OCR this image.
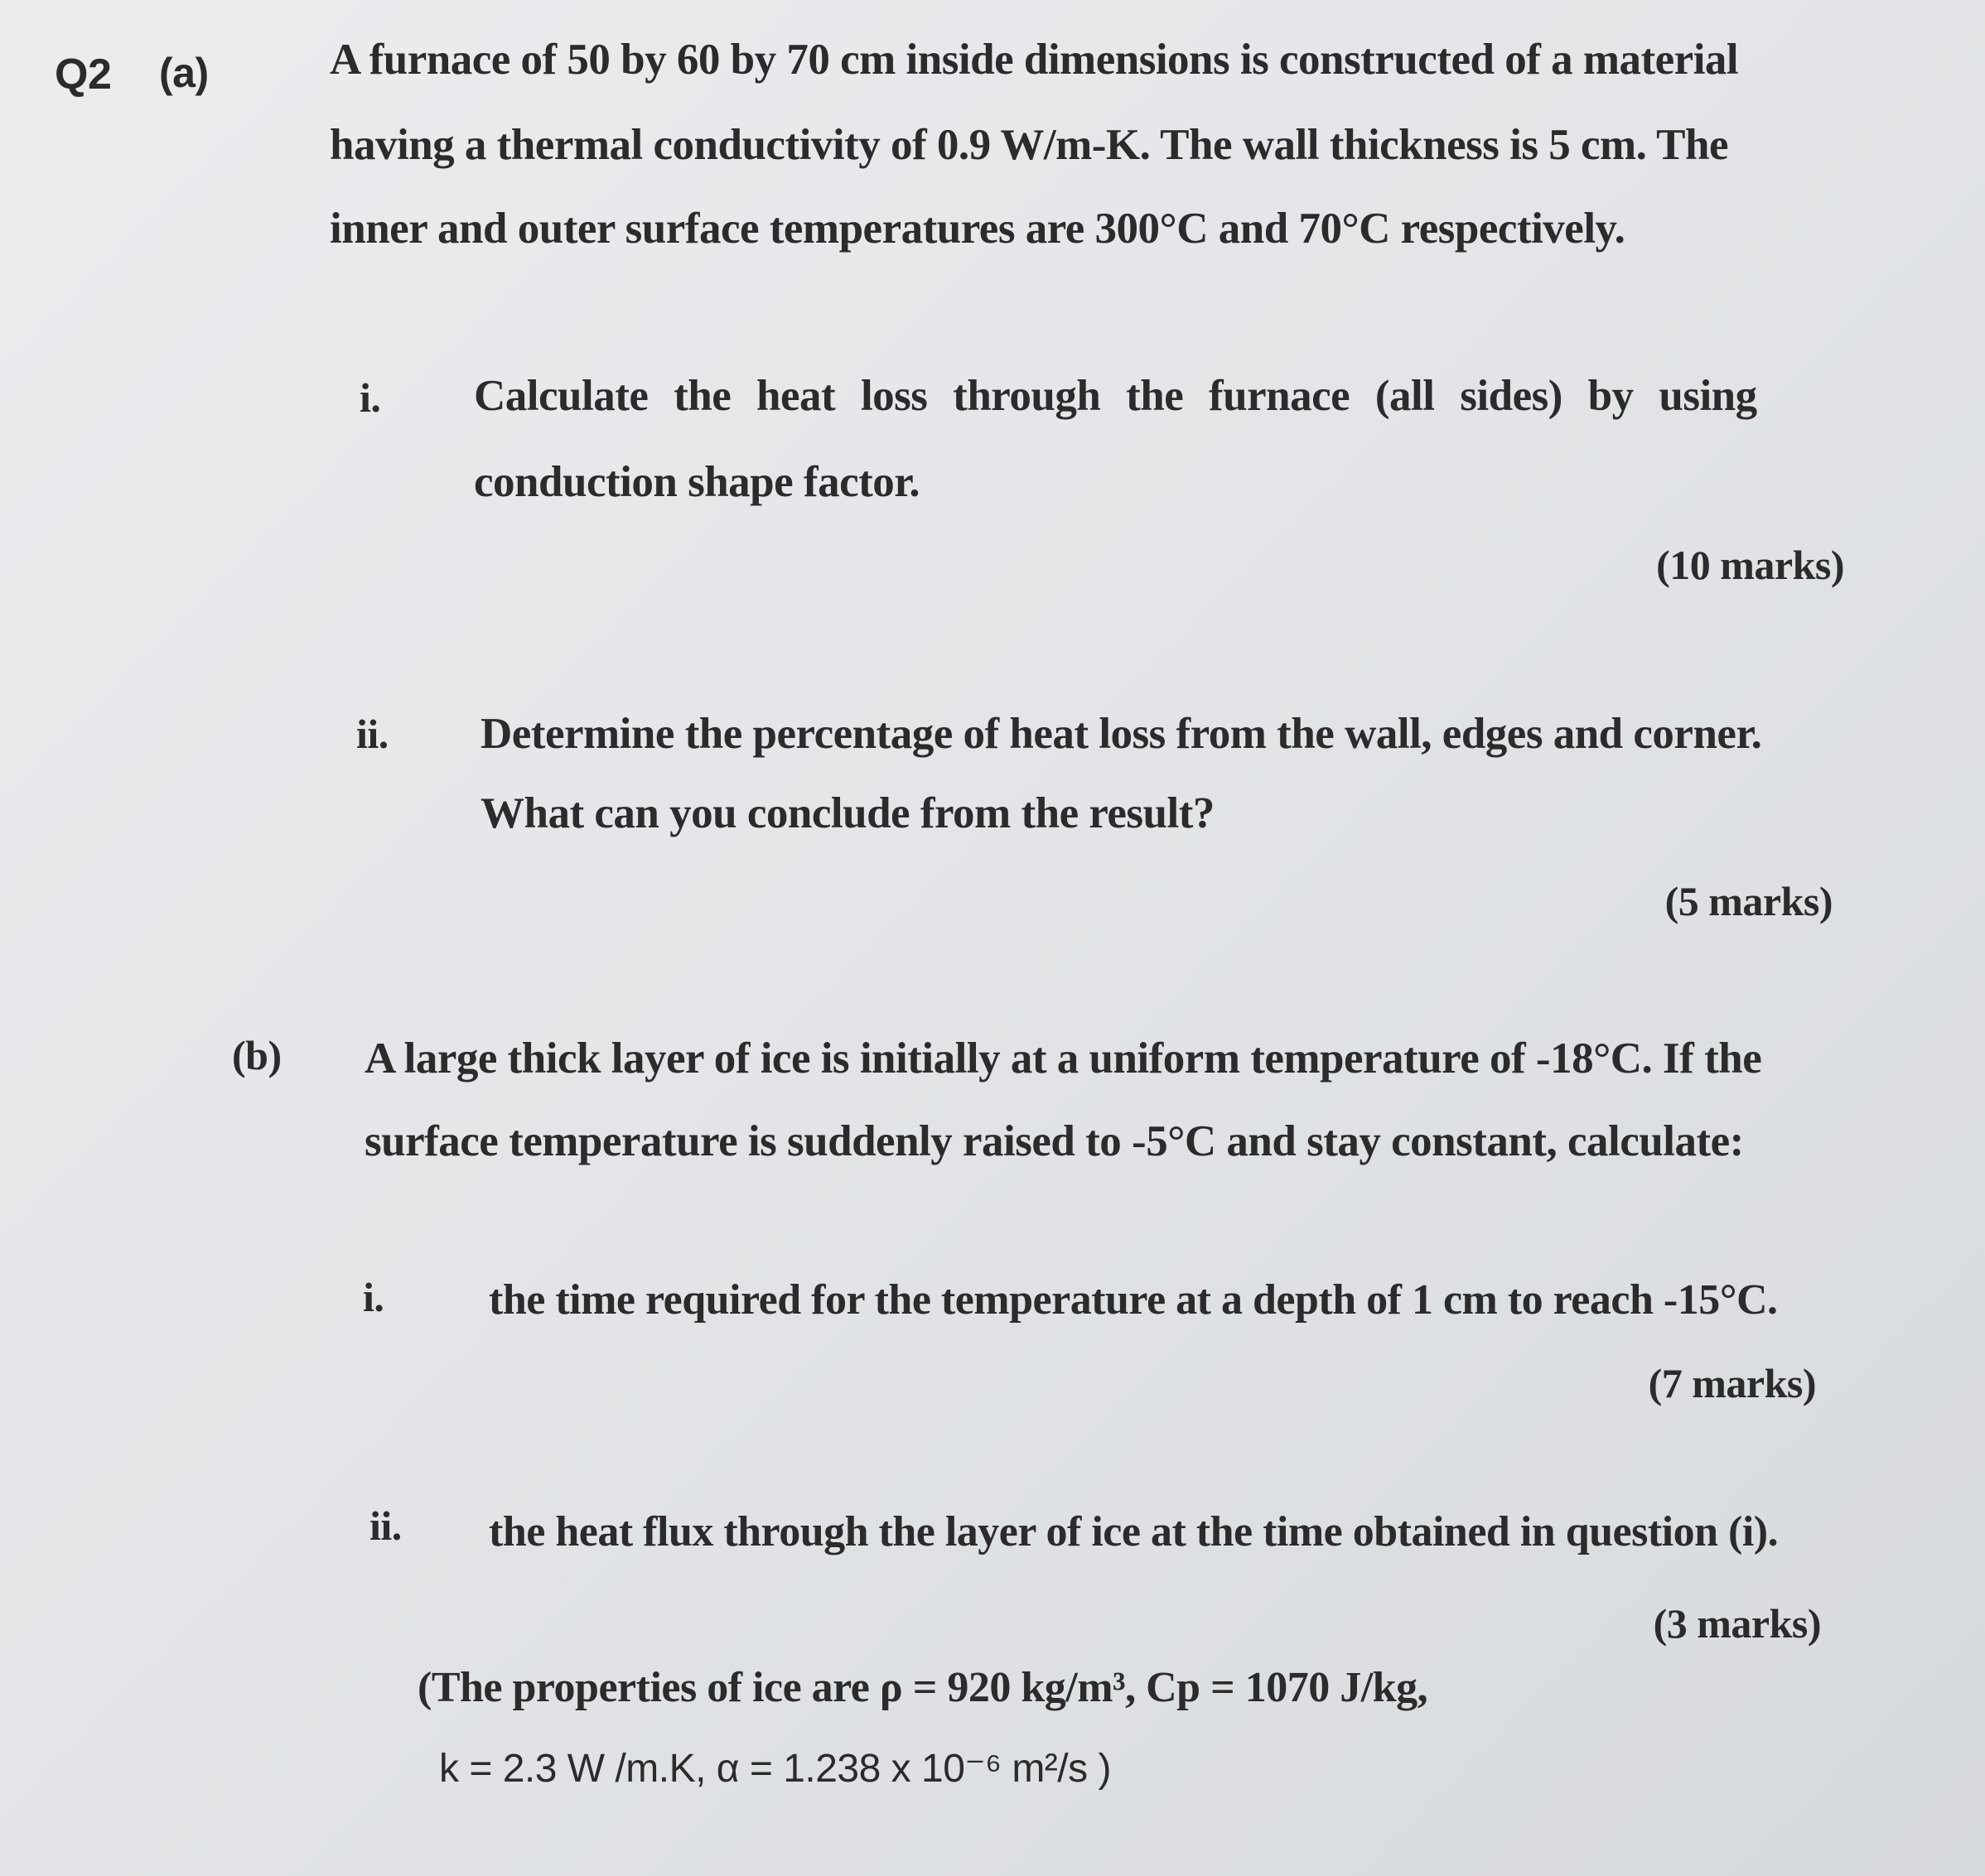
Q2 (a)	A furnace of 50 by 60 by 70 cm inside dimensions is constructed of a material
having a thermal conductivity of 0.9 W/m-K. The wall thickness is 5 cm. The
inner and outer surface temperatures are 300°C and 70°C respectively.
i. Calculate the heat loss through the furnace (all sides) by using
conduction shape factor.
(10 marks)
ii. Determine the percentage of heat loss from the wall, edges and corner.
What can you conclude from the result?
(5 marks)
(b) A large thick layer of ice is initially at a uniform temperature of -18°C. If the
surface temperature is suddenly raised to -5°C and stay constant, calculate:
i. the time required for the temperature at a depth of 1 cm to reach -15°C.
(7 marks)
ii. the heat flux through the layer of ice at the time obtained in question (i).
(3 marks)
(The properties of ice are ρ = 920 kg/m³, Cp = 1070 J/kg,
k = 2.3 W /m.K, α = 1.238 x 10⁻⁶ m²/s )
